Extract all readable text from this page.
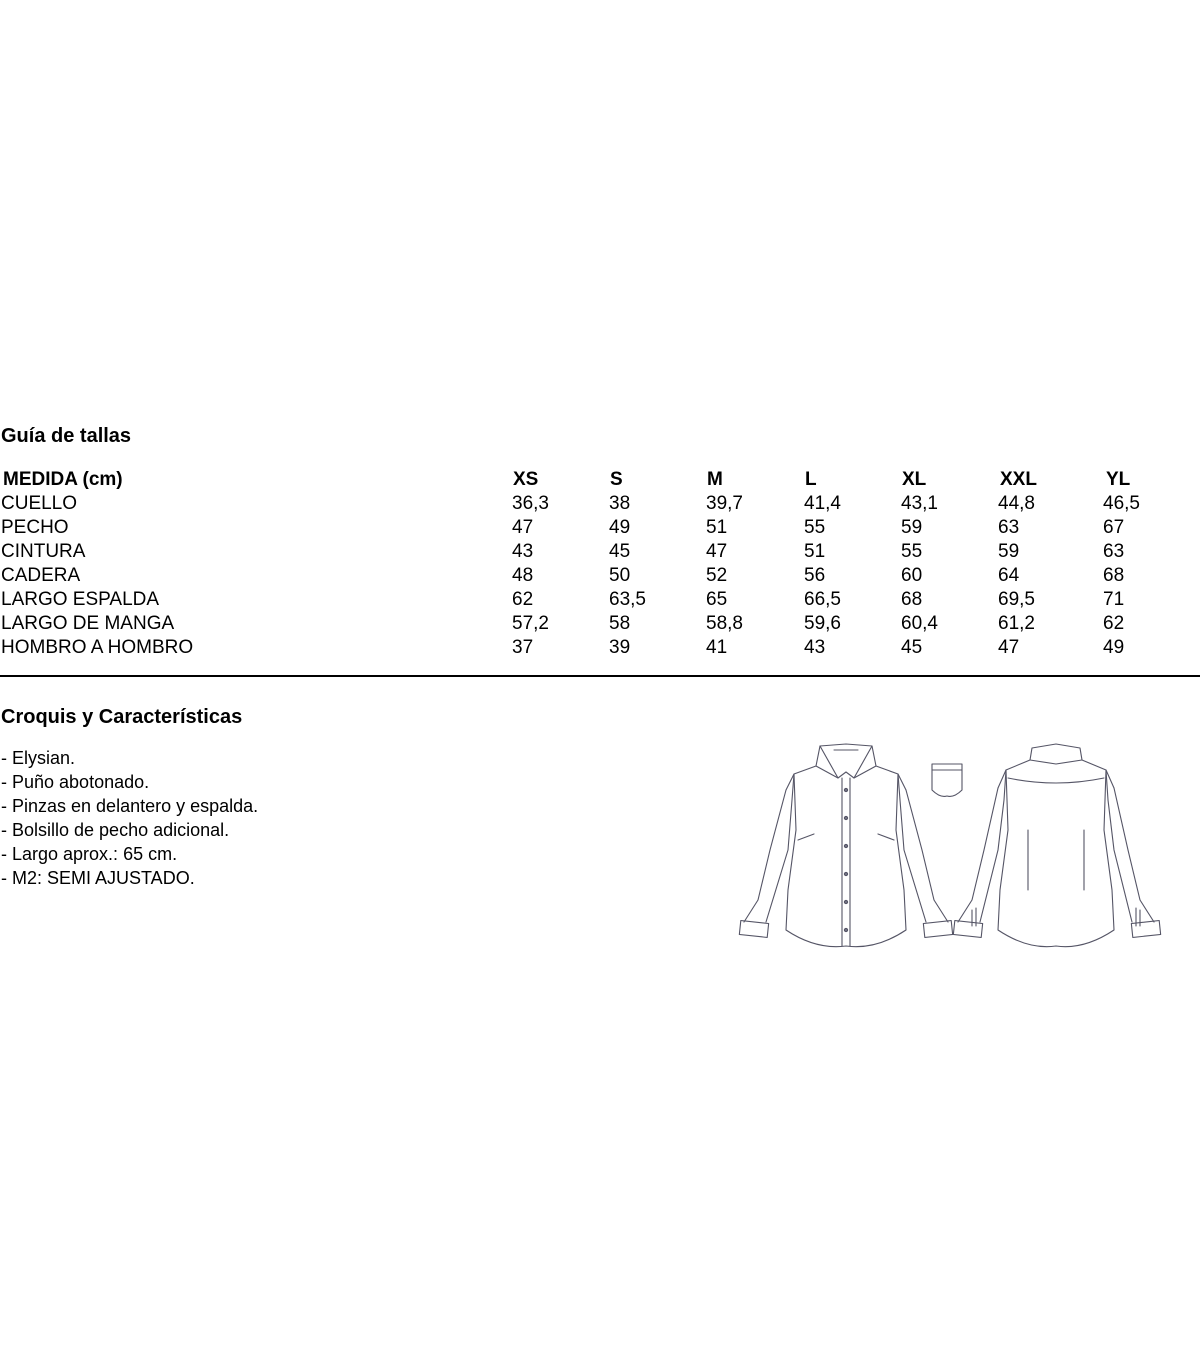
Guía de tallas
MEDIDA (cm)	XS	S	M	L	XL	XXL	YL
CUELLO	36,3	38	39,7	41,4	43,1	44,8	46,5
PECHO	47	49	51	55	59	63	67
CINTURA	43	45	47	51	55	59	63
CADERA	48	50	52	56	60	64	68
LARGO ESPALDA	62	63,5	65	66,5	68	69,5	71
LARGO DE MANGA	57,2	58	58,8	59,6	60,4	61,2	62
HOMBRO A HOMBRO	37	39	41	43	45	47	49
Croquis y Características
- Elysian.
- Puño abotonado.
- Pinzas en delantero y espalda.
- Bolsillo de pecho adicional.
- Largo aprox.: 65 cm.
- M2: SEMI AJUSTADO.
